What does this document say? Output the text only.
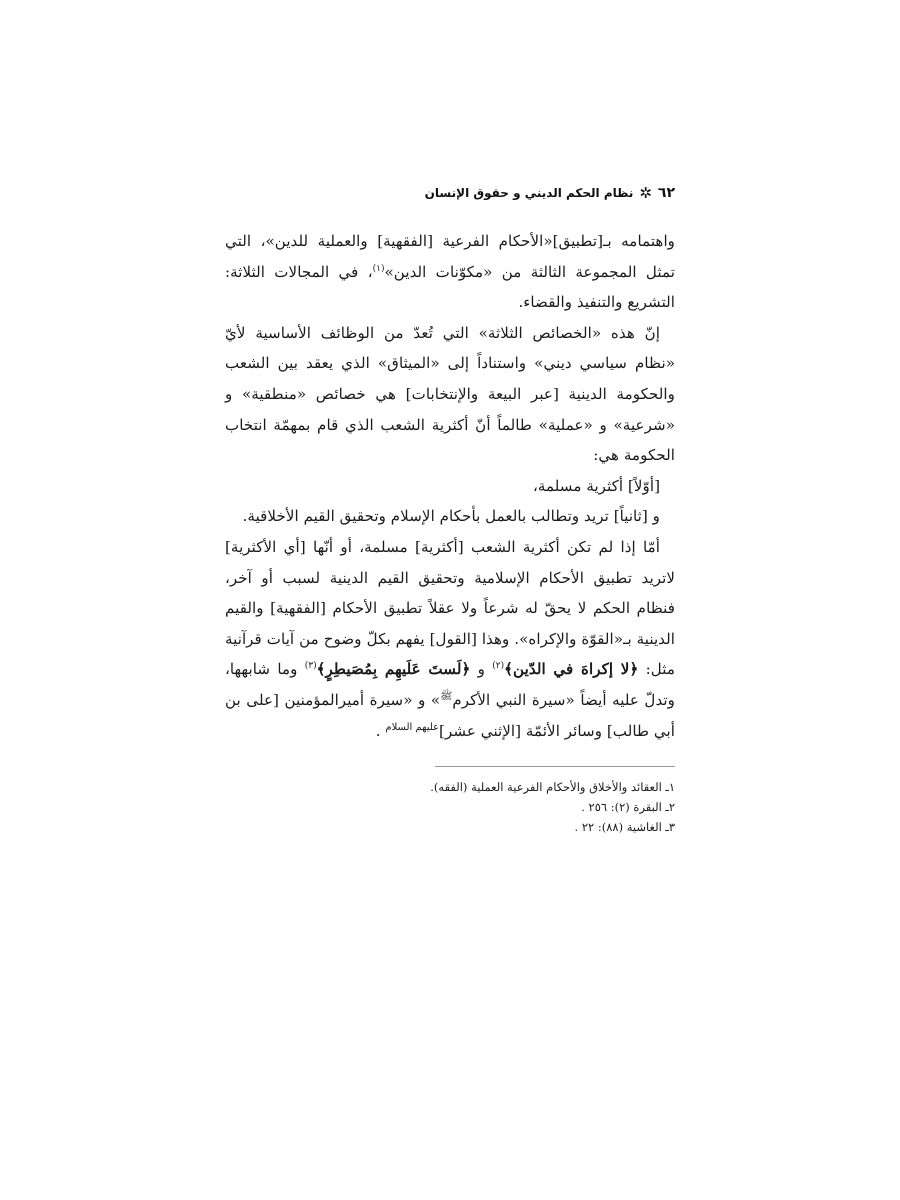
٦٢
✲
نظام الحكم الديني و حقوق الإنسان

واهتمامه بـ[تطبيق]«الأحكام الفرعية [الفقهية] والعملية للدين»، التي تمثل المجموعة الثالثة من «مكوّنات الدين»$^{(١)}$، في المجالات الثلاثة: التشريع والتنفيذ والقضاء.

إنّ هذه «الخصائص الثلاثة» التي تُعدّ من الوظائف الأساسية لأيّ «نظام سياسي ديني» واستناداً إلى «الميثاق» الذي يعقد بين الشعب والحكومة الدينية [عبر البيعة والإنتخابات] هي خصائص «منطقية» و «شرعية» و «عملية» طالماً أنّ أكثرية الشعب الذي قام بمهمّة انتخاب الحكومة هي:

[أوّلاً] أكثرية مسلمة،

و [ثانياً] تريد وتطالب بالعمل بأحكام الإسلام وتحقيق القيم الأخلاقية.

أمّا إذا لم تكن أكثرية الشعب [أكثرية] مسلمة، أو أنّها [أي الأكثرية] لاتريد تطبيق الأحكام الإسلامية وتحقيق القيم الدينية لسبب أو آخر، فنظام الحكم لا يحقّ له شرعاً ولا عقلاً تطبيق الأحكام [الفقهية] والقيم الدينية بـ«القوّة والإكراه». وهذا [القول] يفهم بكلّ وضوح من آيات قرآنية مثل: ﴿لا إكراهَ في الدّين﴾$^{(٢)}$ و ﴿لَستَ عَلَيهِم بِمُصَيطِرٍ﴾$^{(٣)}$ وما شابهها، وتدلّ عليه أيضاً «سيرة النبي الأكرم$^ﷺ$» و «سيرة أميرالمؤمنين [على بن أبي طالب] وسائر الأئمّة [الإثني عشر]$^{عليهم السلام}$ .

١ـ العقائد والأخلاق والأحكام الفرعية العملية (الفقه).
٢ـ البقرة (٢): ٢٥٦ .
٣ـ الغاشية (٨٨): ٢٢ .
